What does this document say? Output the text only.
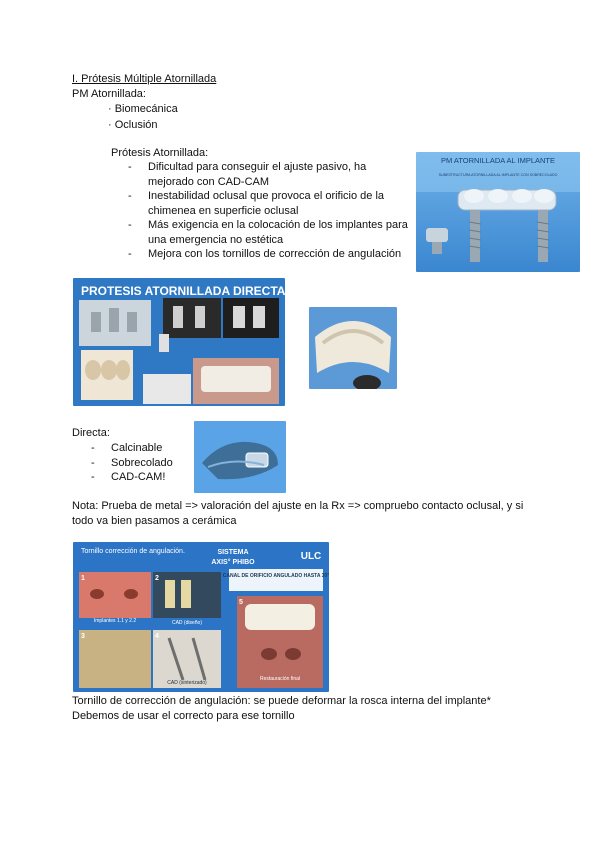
I. Prótesis Múltiple Atornillada
PM Atornillada:
· Biomecánica
· Oclusión
Prótesis Atornillada:
- Dificultad para conseguir el ajuste pasivo, ha mejorado con CAD-CAM
- Inestabilidad oclusal que provoca el orificio de la chimenea en superficie oclusal
- Más exigencia en la colocación de los implantes para una emergencia no estética
- Mejora con los tornillos de corrección de angulación
PM ATORNILLADA AL IMPLANTE
SUBESTRUCTURA ATORNILLADA AL IMPLANTE CON SOBRECOLADO
PROTESIS ATORNILLADA DIRECTA
Directa:
- Calcinable
- Sobrecolado
- CAD-CAM!
Nota: Prueba de metal => valoración del ajuste en la Rx => compruebo contacto oclusal, y si todo va bien pasamos a cerámica
Tornillo corrección de angulación.	SISTEMA
AXIS° PHIBO
ULC
CANAL DE ORIFICIO ANGULADO HASTA 30°
Implantes 1.1 y 2.2	CAD (diseño)
CAD (sinterizado)
Restauración final
1	2
3	4
5
Tornillo de corrección de angulación: se puede deformar la rosca interna del implante*
Debemos de usar el correcto para ese tornillo
